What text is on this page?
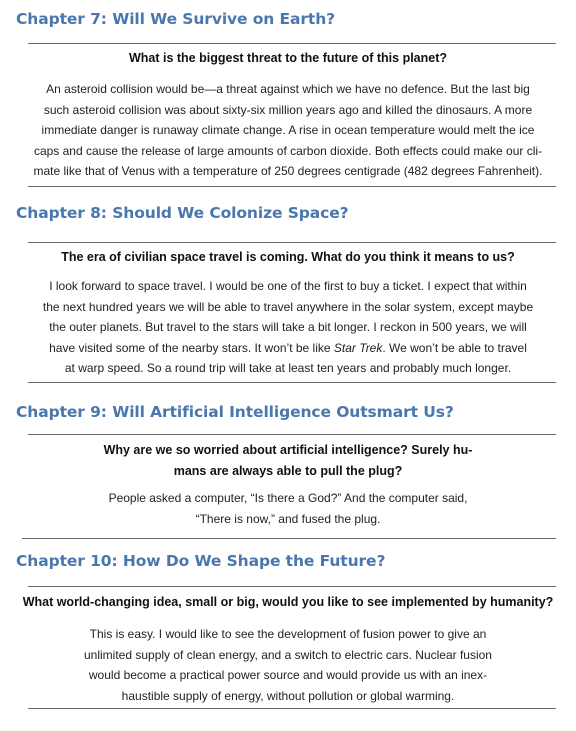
Chapter 7: Will We Survive on Earth?

What is the biggest threat to the future of this planet?

An asteroid collision would be—a threat against which we have no defence. But the last big
such asteroid collision was about sixty-six million years ago and killed the dinosaurs. A more
immediate danger is runaway climate change. A rise in ocean temperature would melt the ice
caps and cause the release of large amounts of carbon dioxide. Both effects could make our cli-
mate like that of Venus with a temperature of 250 degrees centigrade (482 degrees Fahrenheit).

Chapter 8: Should We Colonize Space?

The era of civilian space travel is coming. What do you think it means to us?

I look forward to space travel. I would be one of the first to buy a ticket. I expect that within
the next hundred years we will be able to travel anywhere in the solar system, except maybe
the outer planets. But travel to the stars will take a bit longer. I reckon in 500 years, we will
have visited some of the nearby stars. It won’t be like Star Trek. We won’t be able to travel
at warp speed. So a round trip will take at least ten years and probably much longer.

Chapter 9: Will Artificial Intelligence Outsmart Us?

Why are we so worried about artificial intelligence? Surely hu-
mans are always able to pull the plug?

People asked a computer, “Is there a God?” And the computer said,
“There is now,” and fused the plug.

Chapter 10: How Do We Shape the Future?

What world-changing idea, small or big, would you like to see implemented by humanity?

This is easy. I would like to see the development of fusion power to give an
unlimited supply of clean energy, and a switch to electric cars. Nuclear fusion
would become a practical power source and would provide us with an inex-
haustible supply of energy, without pollution or global warming.
